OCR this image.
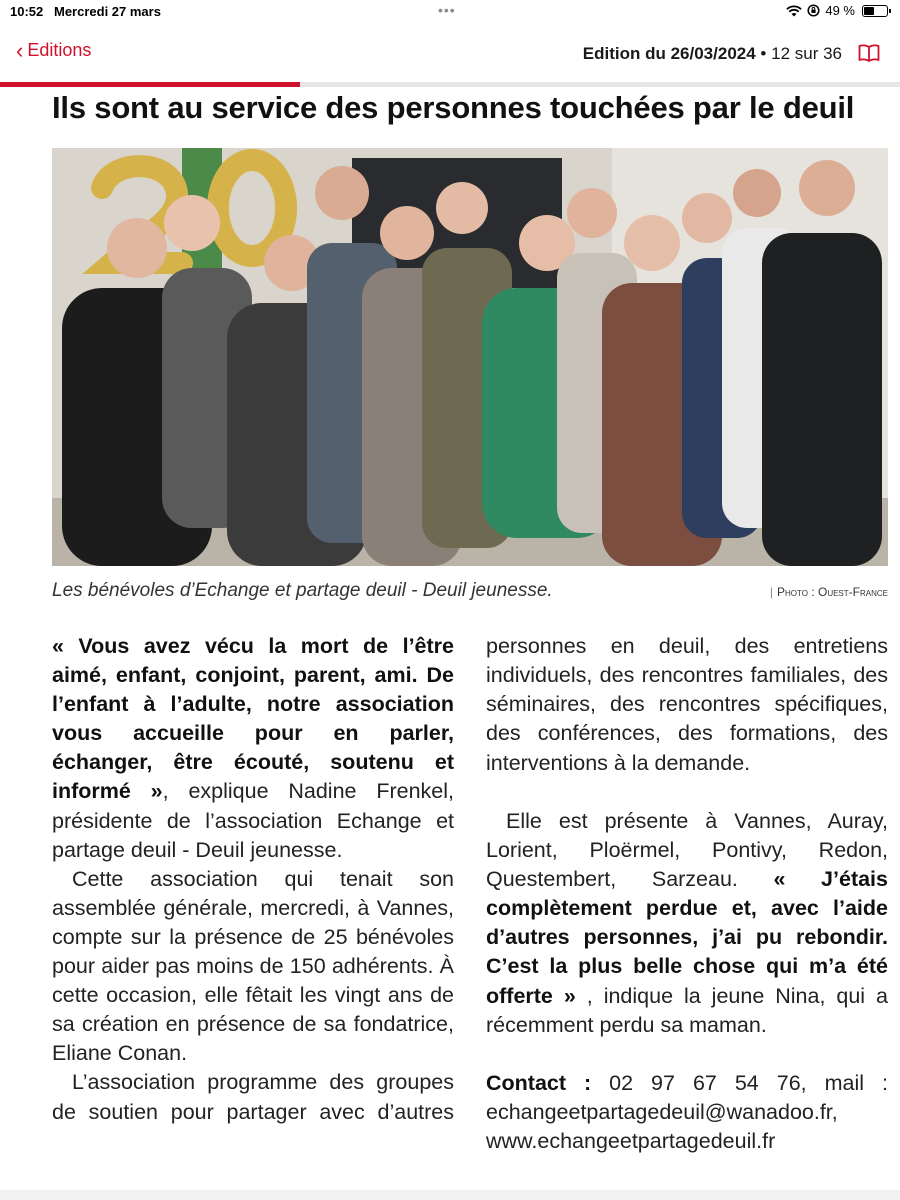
10:52 Mercredi 27 mars	•••	49 %
‹ Editions	Edition du 26/03/2024 • 12 sur 36
Ils sont au service des personnes touchées par le deuil
Les bénévoles d’Echange et partage deuil - Deuil jeunesse.	| Photo : Ouest-France

« Vous avez vécu la mort de l’être aimé, enfant, conjoint, parent, ami. De l’enfant à l’adulte, notre association vous accueille pour en parler, échanger, être écouté, soutenu et informé », explique Nadine Frenkel, présidente de l’association Echange et partage deuil - Deuil jeunesse.

Cette association qui tenait son assemblée générale, mercredi, à Vannes, compte sur la présence de 25 bénévoles pour aider pas moins de 150 adhérents. À cette occasion, elle fêtait les vingt ans de sa création en présence de sa fondatrice, Eliane Conan.

L’association programme des groupes de soutien pour partager avec d’autres

personnes en deuil, des entretiens individuels, des rencontres familiales, des séminaires, des rencontres spécifiques, des conférences, des formations, des interventions à la demande.

Elle est présente à Vannes, Auray, Lorient, Ploërmel, Pontivy, Redon, Questembert, Sarzeau. « J’étais complètement perdue et, avec l’aide d’autres personnes, j’ai pu rebondir. C’est la plus belle chose qui m’a été offerte » , indique la jeune Nina, qui a récemment perdu sa maman.

Contact : 02 97 67 54 76, mail : echangeetpartagedeuil@wanadoo.fr, www.echangeetpartagedeuil.fr
